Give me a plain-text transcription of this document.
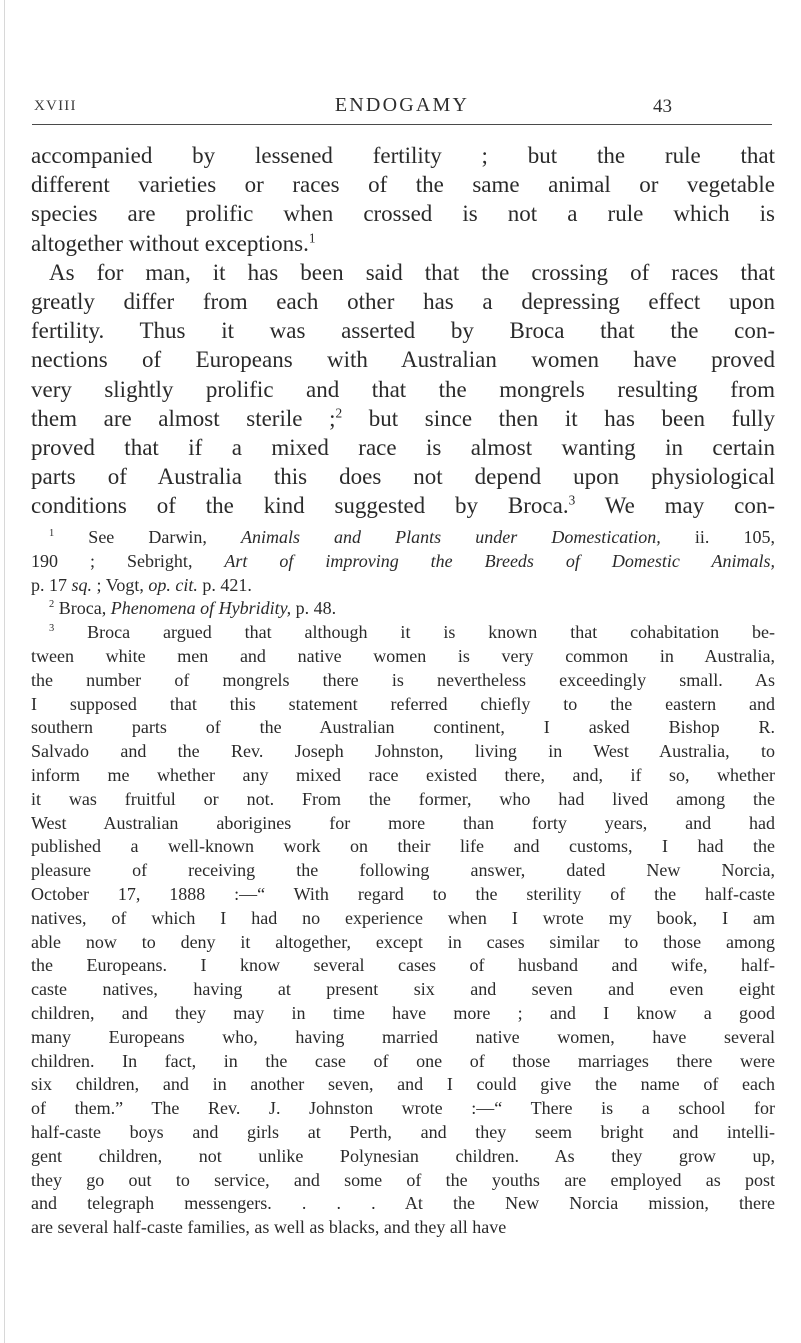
XVIII	ENDOGAMY	43
accompanied by lessened fertility ; but the rule that
different varieties or races of the same animal or vegetable
species are prolific when crossed is not a rule which is
altogether without exceptions.$^1$
As for man, it has been said that the crossing of races that
greatly differ from each other has a depressing effect upon
fertility. Thus it was asserted by Broca that the con-
nections of Europeans with Australian women have proved
very slightly prolific and that the mongrels resulting from
them are almost sterile ;$^2$ but since then it has been fully
proved that if a mixed race is almost wanting in certain
parts of Australia this does not depend upon physiological
conditions of the kind suggested by Broca.$^3$ We may con-
$^1$ See Darwin, Animals and Plants under Domestication, ii. 105,
190 ; Sebright, Art of improving the Breeds of Domestic Animals,
p. 17 sq. ; Vogt, op. cit. p. 421.
$^2$ Broca, Phenomena of Hybridity, p. 48.
$^3$ Broca argued that although it is known that cohabitation be-
tween white men and native women is very common in Australia,
the number of mongrels there is nevertheless exceedingly small. As
I supposed that this statement referred chiefly to the eastern and
southern parts of the Australian continent, I asked Bishop R.
Salvado and the Rev. Joseph Johnston, living in West Australia, to
inform me whether any mixed race existed there, and, if so, whether
it was fruitful or not. From the former, who had lived among the
West Australian aborigines for more than forty years, and had
published a well-known work on their life and customs, I had the
pleasure of receiving the following answer, dated New Norcia,
October 17, 1888 :—“ With regard to the sterility of the half-caste
natives, of which I had no experience when I wrote my book, I am
able now to deny it altogether, except in cases similar to those among
the Europeans. I know several cases of husband and wife, half-
caste natives, having at present six and seven and even eight
children, and they may in time have more ; and I know a good
many Europeans who, having married native women, have several
children. In fact, in the case of one of those marriages there were
six children, and in another seven, and I could give the name of each
of them.” The Rev. J. Johnston wrote :—“ There is a school for
half-caste boys and girls at Perth, and they seem bright and intelli-
gent children, not unlike Polynesian children. As they grow up,
they go out to service, and some of the youths are employed as post
and telegraph messengers. . . . At the New Norcia mission, there
are several half-caste families, as well as blacks, and they all have
